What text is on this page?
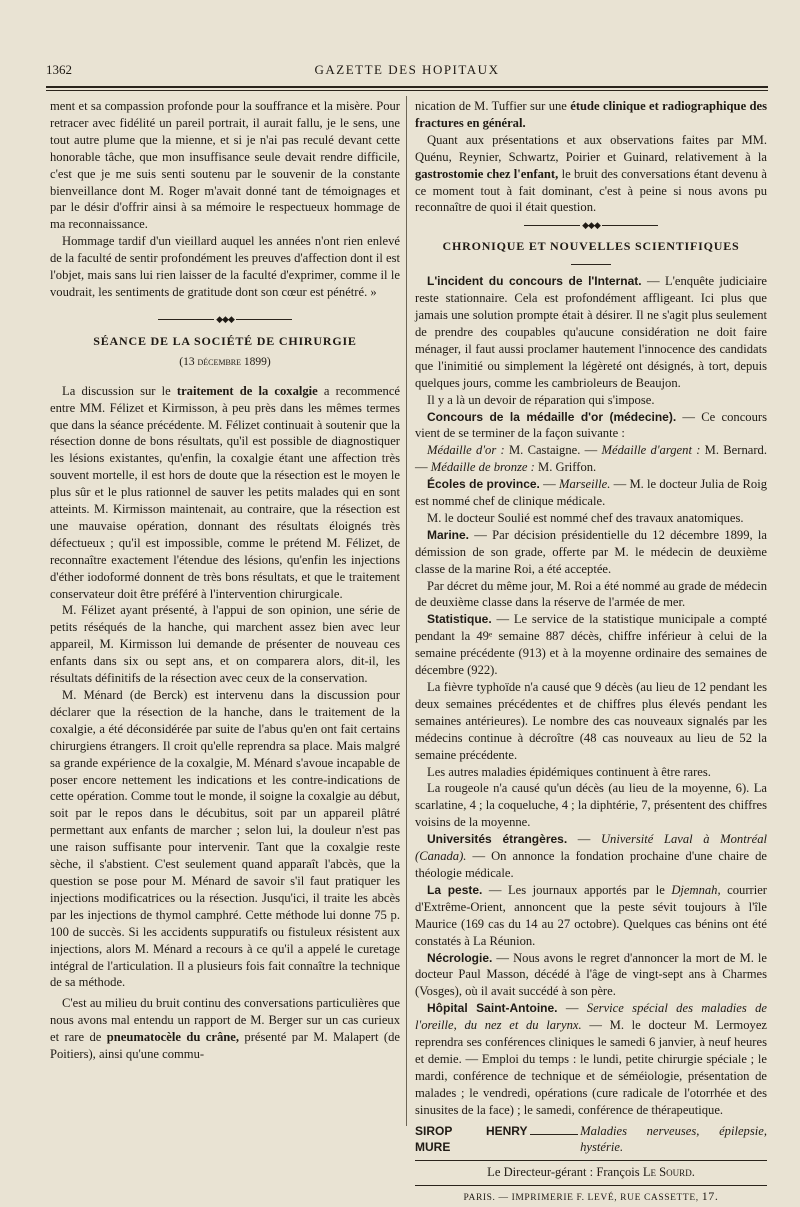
1362	GAZETTE DES HOPITAUX

ment et sa compassion profonde pour la souffrance et la misère. Pour retracer avec fidélité un pareil portrait, il aurait fallu, je le sens, une tout autre plume que la mienne, et si je n'ai pas reculé devant cette honorable tâche, que mon insuffisance seule devait rendre difficile, c'est que je me suis senti soutenu par le souvenir de la constante bienveillance dont M. Roger m'avait donné tant de témoignages et par le désir d'offrir ainsi à sa mémoire le respectueux hommage de ma reconnaissance.

Hommage tardif d'un vieillard auquel les années n'ont rien enlevé de la faculté de sentir profondément les preuves d'affection dont il est l'objet, mais sans lui rien laisser de la faculté d'exprimer, comme il le voudrait, les sentiments de gratitude dont son cœur est pénétré. »

◆◆◆
SÉANCE DE LA SOCIÉTÉ DE CHIRURGIE
(13 décembre 1899)

La discussion sur le traitement de la coxalgie a recommencé entre MM. Félizet et Kirmisson, à peu près dans les mêmes termes que dans la séance précédente. M. Félizet continuait à soutenir que la résection donne de bons résultats, qu'il est possible de diagnostiquer les lésions existantes, qu'enfin, la coxalgie étant une affection très souvent mortelle, il est hors de doute que la résection est le moyen le plus sûr et le plus rationnel de sauver les petits malades qui en sont atteints. M. Kirmisson maintenait, au contraire, que la résection est une mauvaise opération, donnant des résultats éloignés très défectueux ; qu'il est impossible, comme le prétend M. Félizet, de reconnaître exactement l'étendue des lésions, qu'enfin les injections d'éther iodoformé donnent de très bons résultats, et que le traitement conservateur doit être préféré à l'intervention chirurgicale.

M. Félizet ayant présenté, à l'appui de son opinion, une série de petits réséqués de la hanche, qui marchent assez bien avec leur appareil, M. Kirmisson lui demande de présenter de nouveau ces enfants dans six ou sept ans, et on comparera alors, dit-il, les résultats définitifs de la résection avec ceux de la conservation.

M. Ménard (de Berck) est intervenu dans la discussion pour déclarer que la résection de la hanche, dans le traitement de la coxalgie, a été déconsidérée par suite de l'abus qu'en ont fait certains chirurgiens étrangers. Il croit qu'elle reprendra sa place. Mais malgré sa grande expérience de la coxalgie, M. Ménard s'avoue incapable de poser encore nettement les indications et les contre-indications de cette opération. Comme tout le monde, il soigne la coxalgie au début, soit par le repos dans le décubitus, soit par un appareil plâtré permettant aux enfants de marcher ; selon lui, la douleur n'est pas une raison suffisante pour intervenir. Tant que la coxalgie reste sèche, il s'abstient. C'est seulement quand apparaît l'abcès, que la question se pose pour M. Ménard de savoir s'il faut pratiquer les injections modificatrices ou la résection. Jusqu'ici, il traite les abcès par les injections de thymol camphré. Cette méthode lui donne 75 p. 100 de succès. Si les accidents suppuratifs ou fistuleux résistent aux injections, alors M. Ménard a recours à ce qu'il a appelé le curetage intégral de l'articulation. Il a plusieurs fois fait connaître la technique de sa méthode.

C'est au milieu du bruit continu des conversations particulières que nous avons mal entendu un rapport de M. Berger sur un cas curieux et rare de pneumatocèle du crâne, présenté par M. Malapert (de Poitiers), ainsi qu'une commu-

nication de M. Tuffier sur une étude clinique et radiographique des fractures en général.

Quant aux présentations et aux observations faites par MM. Quénu, Reynier, Schwartz, Poirier et Guinard, relativement à la gastrostomie chez l'enfant, le bruit des conversations étant devenu à ce moment tout à fait dominant, c'est à peine si nous avons pu reconnaître de quoi il était question.

◆◆◆
CHRONIQUE ET NOUVELLES SCIENTIFIQUES

L'incident du concours de l'Internat. — L'enquête judiciaire reste stationnaire. Cela est profondément affligeant. Ici plus que jamais une solution prompte était à désirer. Il ne s'agit plus seulement de prendre des coupables qu'aucune considération ne doit faire ménager, il faut aussi proclamer hautement l'innocence des candidats que l'inimitié ou simplement la légèreté ont désignés, à tort, depuis quelques jours, comme les cambrioleurs de Beaujon.

Il y a là un devoir de réparation qui s'impose.

Concours de la médaille d'or (médecine). — Ce concours vient de se terminer de la façon suivante :

Médaille d'or : M. Castaigne. — Médaille d'argent : M. Bernard. — Médaille de bronze : M. Griffon.

Écoles de province. — Marseille. — M. le docteur Julia de Roig est nommé chef de clinique médicale.

M. le docteur Soulié est nommé chef des travaux anatomiques.

Marine. — Par décision présidentielle du 12 décembre 1899, la démission de son grade, offerte par M. le médecin de deuxième classe de la marine Roi, a été acceptée.

Par décret du même jour, M. Roi a été nommé au grade de médecin de deuxième classe dans la réserve de l'armée de mer.

Statistique. — Le service de la statistique municipale a compté pendant la 49ᵉ semaine 887 décès, chiffre inférieur à celui de la semaine précédente (913) et à la moyenne ordinaire des semaines de décembre (922).

La fièvre typhoïde n'a causé que 9 décès (au lieu de 12 pendant les deux semaines précédentes et de chiffres plus élevés pendant les semaines antérieures). Le nombre des cas nouveaux signalés par les médecins continue à décroître (48 cas nouveaux au lieu de 52 la semaine précédente.

Les autres maladies épidémiques continuent à être rares.

La rougeole n'a causé qu'un décès (au lieu de la moyenne, 6). La scarlatine, 4 ; la coqueluche, 4 ; la diphtérie, 7, présentent des chiffres voisins de la moyenne.

Universités étrangères. — Université Laval à Montréal (Canada). — On annonce la fondation prochaine d'une chaire de théologie médicale.

La peste. — Les journaux apportés par le Djemnah, courrier d'Extrême-Orient, annoncent que la peste sévit toujours à l'île Maurice (169 cas du 14 au 27 octobre). Quelques cas bénins ont été constatés à La Réunion.

Nécrologie. — Nous avons le regret d'annoncer la mort de M. le docteur Paul Masson, décédé à l'âge de vingt-sept ans à Charmes (Vosges), où il avait succédé à son père.

Hôpital Saint-Antoine. — Service spécial des maladies de l'oreille, du nez et du larynx. — M. le docteur M. Lermoyez reprendra ses conférences cliniques le samedi 6 janvier, à neuf heures et demie. — Emploi du temps : le lundi, petite chirurgie spéciale ; le mardi, conférence de technique et de séméiologie, présentation de malades ; le vendredi, opérations (cure radicale de l'otorrhée et des sinusites de la face) ; le samedi, conférence de thérapeutique.

SIROP HENRY MURE
Maladies nerveuses, épilepsie, hystérie.
Le Directeur-gérant : François Le Sourd.
PARIS. — IMPRIMERIE F. LEVÉ, RUE CASSETTE, 17.
